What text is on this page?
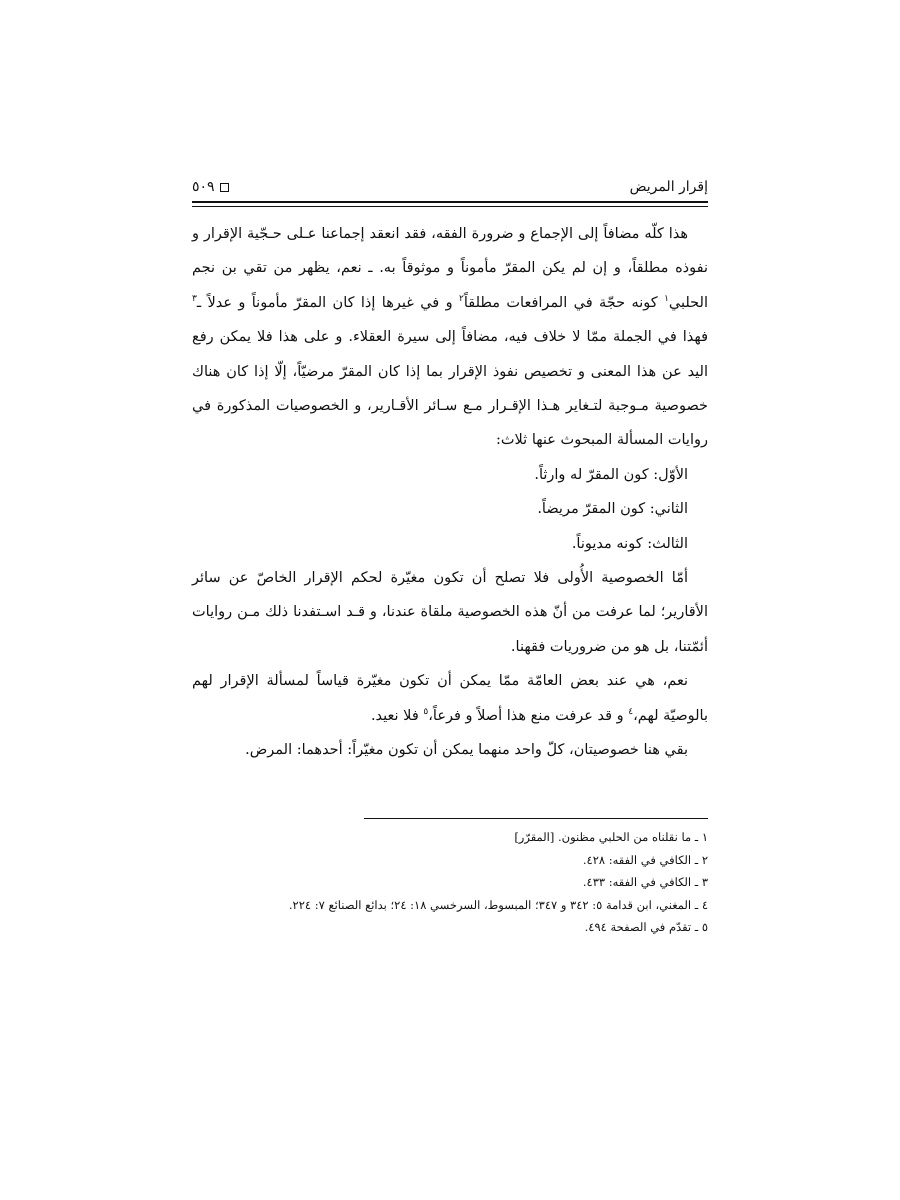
إقرار المريض
٥٠٩

هذا كلّه مضافاً إلى الإجماع و ضرورة الفقه، فقد انعقد إجماعنا عـلى حـجّية الإقرار و نفوذه مطلقاً، و إن لم يكن المقرّ مأموناً و موثوقاً به. ـ نعم، يظهر من تقي بن نجم الحلبي$^١$ كونه حجّة في المرافعات مطلقاً$^٢$ و في غيرها إذا كان المقرّ مأموناً و عدلاً ـ$^٣$ فهذا في الجملة ممّا لا خلاف فيه، مضافاً إلى سيرة العقلاء. و على هذا فلا يمكن رفع اليد عن هذا المعنى و تخصيص نفوذ الإقرار بما إذا كان المقرّ مرضيّاً، إلّا إذا كان هناك خصوصية مـوجبة لتـغاير هـذا الإقـرار مـع سـائر الأقـارير، و الخصوصيات المذكورة في روايات المسألة المبحوث عنها ثلاث:

الأوّل: كون المقرّ له وارثاً.

الثاني: كون المقرّ مريضاً.

الثالث: كونه مديوناً.

أمّا الخصوصية الأُولى فلا تصلح أن تكون مغيّرة لحكم الإقرار الخاصّ عن سائر الأقارير؛ لما عرفت من أنّ هذه الخصوصية ملقاة عندنا، و قـد اسـتفدنا ذلك مـن روايات أئمّتنا، بل هو من ضروريات فقهنا.

نعم، هي عند بعض العامّة ممّا يمكن أن تكون مغيّرة قياساً لمسألة الإقرار لهم بالوصيّة لهم،$^٤$ و قد عرفت منع هذا أصلاً و فرعاً،$^٥$ فلا نعيد.

بقي هنا خصوصيتان، كلّ واحد منهما يمكن أن تكون مغيّراً: أحدهما: المرض.

١ ـ ما نقلناه من الحلبي مظنون. [المقرّر]
٢ ـ الكافي في الفقه: ٤٢٨.
٣ ـ الكافي في الفقه: ٤٣٣.
٤ ـ المغني، ابن قدامة ٥: ٣٤٢ و ٣٤٧؛ المبسوط، السرخسي ١٨: ٢٤؛ بدائع الصنائع ٧: ٢٢٤.
٥ ـ تقدّم في الصفحة ٤٩٤.
